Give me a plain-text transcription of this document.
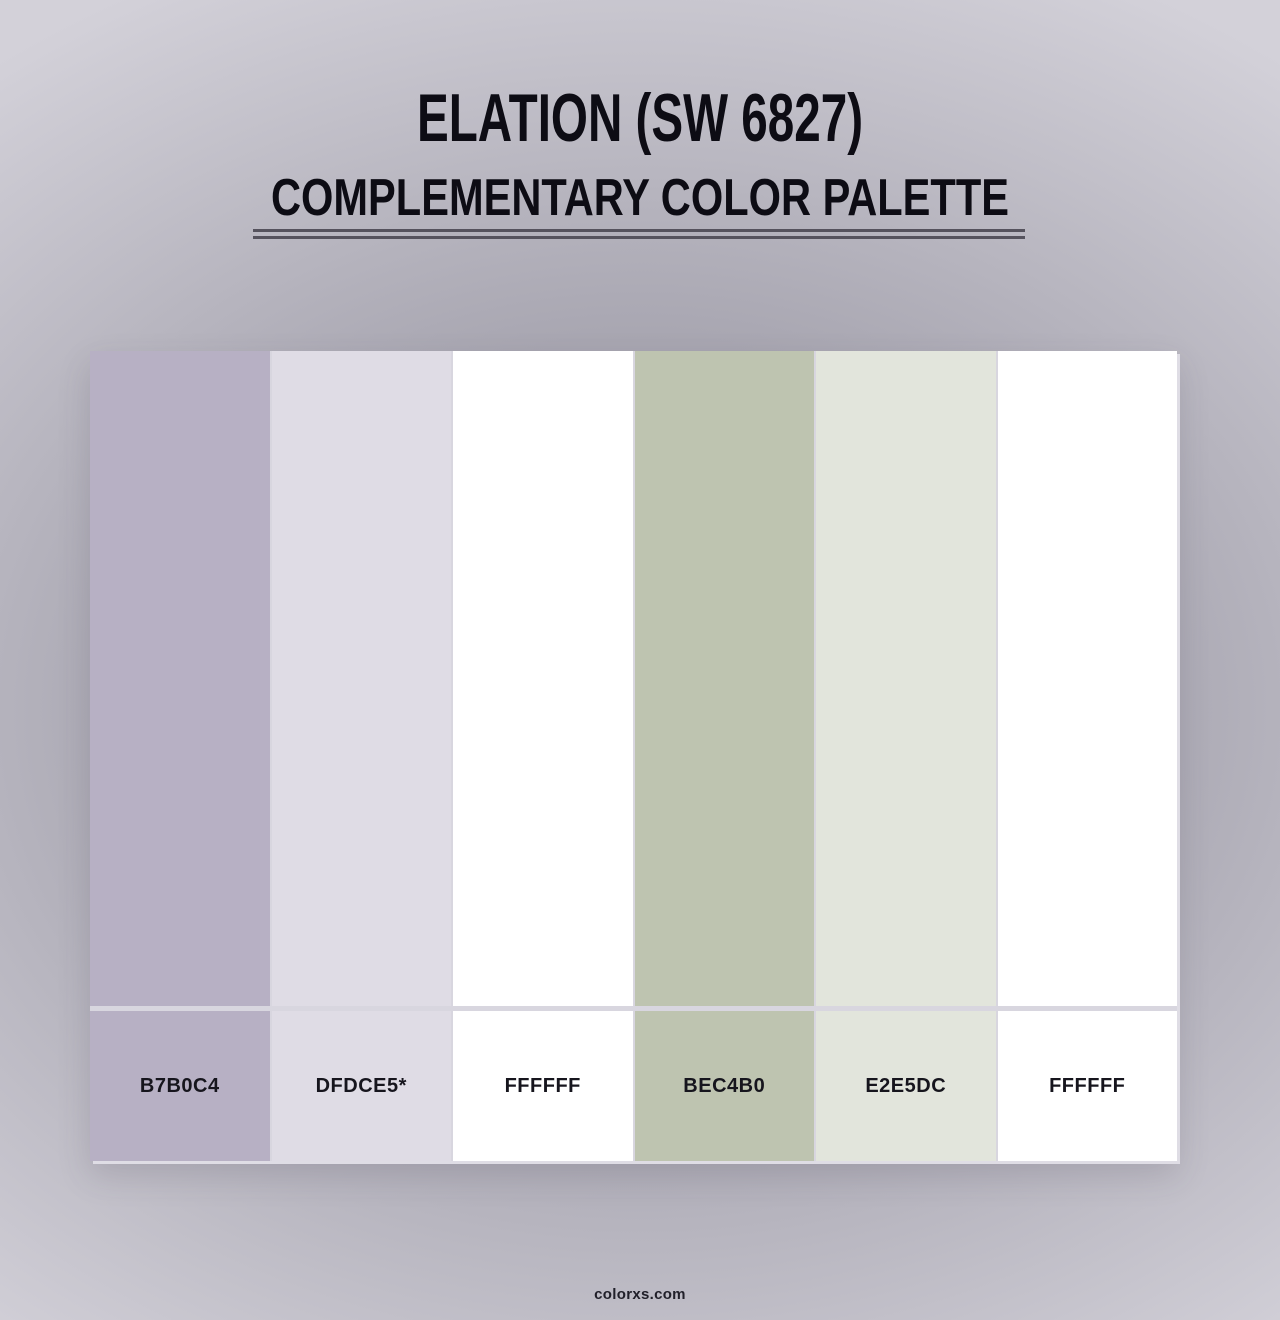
ELATION (SW 6827)
COMPLEMENTARY COLOR PALETTE
B7B0C4	DFDCE5*	FFFFFF	BEC4B0	E2E5DC	FFFFFF
colorxs.com
